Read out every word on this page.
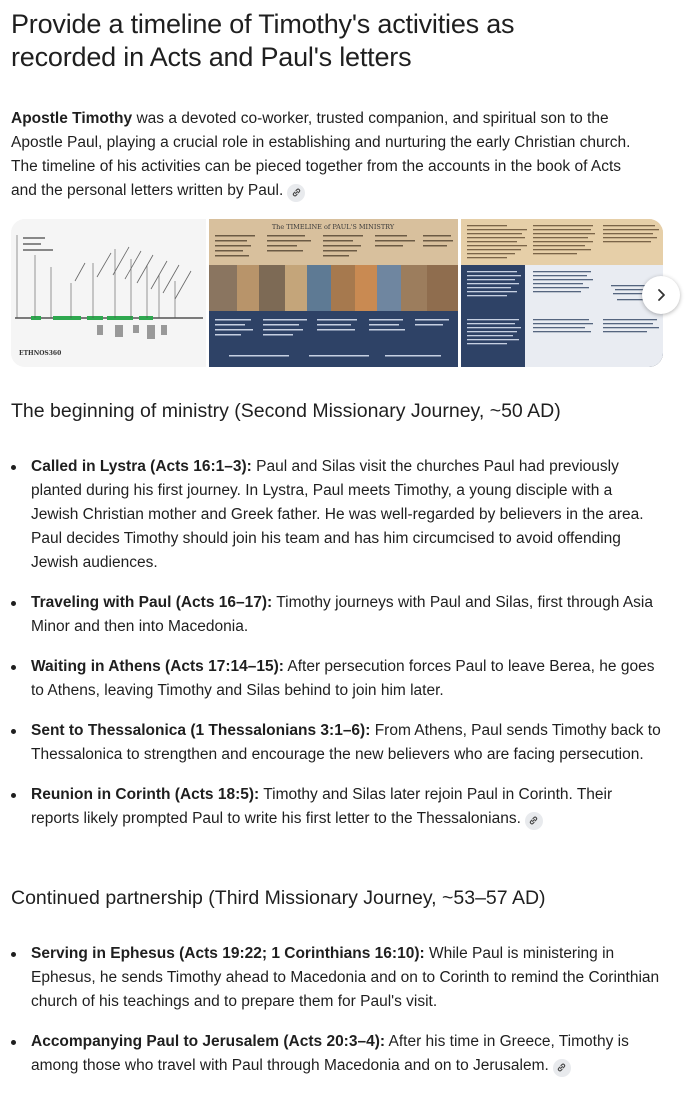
Provide a timeline of Timothy's activities as recorded in Acts and Paul's letters

Apostle Timothy was a devoted co-worker, trusted companion, and spiritual son to the Apostle Paul, playing a crucial role in establishing and nurturing the early Christian church. The timeline of his activities can be pieced together from the accounts in the book of Acts and the personal letters written by Paul.

ETHNOS360
The TIMELINE of PAUL'S MINISTRY
The beginning of ministry (Second Missionary Journey, ~50 AD)
Called in Lystra (Acts 16:1–3): Paul and Silas visit the churches Paul had previously planted during his first journey. In Lystra, Paul meets Timothy, a young disciple with a Jewish Christian mother and Greek father. He was well-regarded by believers in the area. Paul decides Timothy should join his team and has him circumcised to avoid offending Jewish audiences.
Traveling with Paul (Acts 16–17): Timothy journeys with Paul and Silas, first through Asia Minor and then into Macedonia.
Waiting in Athens (Acts 17:14–15): After persecution forces Paul to leave Berea, he goes to Athens, leaving Timothy and Silas behind to join him later.
Sent to Thessalonica (1 Thessalonians 3:1–6): From Athens, Paul sends Timothy back to Thessalonica to strengthen and encourage the new believers who are facing persecution.
Reunion in Corinth (Acts 18:5): Timothy and Silas later rejoin Paul in Corinth. Their reports likely prompted Paul to write his first letter to the Thessalonians.
Continued partnership (Third Missionary Journey, ~53–57 AD)
Serving in Ephesus (Acts 19:22; 1 Corinthians 16:10): While Paul is ministering in Ephesus, he sends Timothy ahead to Macedonia and on to Corinth to remind the Corinthian church of his teachings and to prepare them for Paul's visit.
Accompanying Paul to Jerusalem (Acts 20:3–4): After his time in Greece, Timothy is among those who travel with Paul through Macedonia and on to Jerusalem.
